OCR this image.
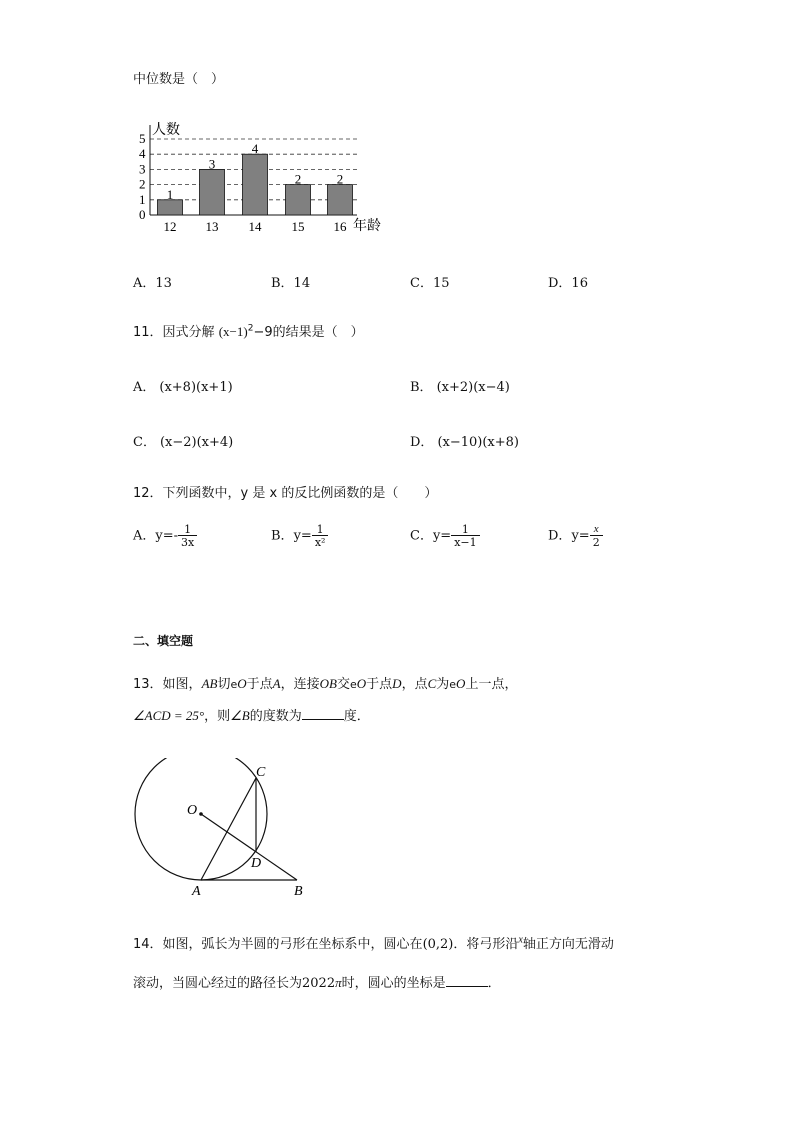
中位数是（　）
0
1
2
3
4
5
1
3
4
2	2
12 13 14 15 16
人数
年龄
A．13	B．14	C．15	D．16
11．因式分解 $(x-1)^2-9$的结果是（　）
A． (x+8)(x+1)	B． (x+2)(x−4)
C． (x−2)(x+4)	D． (x−10)(x+8)
12．下列函数中，y 是 x 的反比例函数的是（　　）
A．$y=- \frac{1}{3x}$	B．$y= \frac{1}{\text{x²}}$	C．$y= \frac{1}{x-1}$	D．$y= \frac{x}{2}$
二、填空题
13．如图，AB切eO于点A，连接OB交eO于点D，点C为eO上一点，
∠ACD = 25°，则∠B的度数为	度．
C
O
D
A	B
14．如图，弧长为半圆的弓形在坐标系中，圆心在(0,2)．将弓形沿$^x$轴正方向无滑动
滚动，当圆心经过的路径长为2022π时，圆心的坐标是	．
